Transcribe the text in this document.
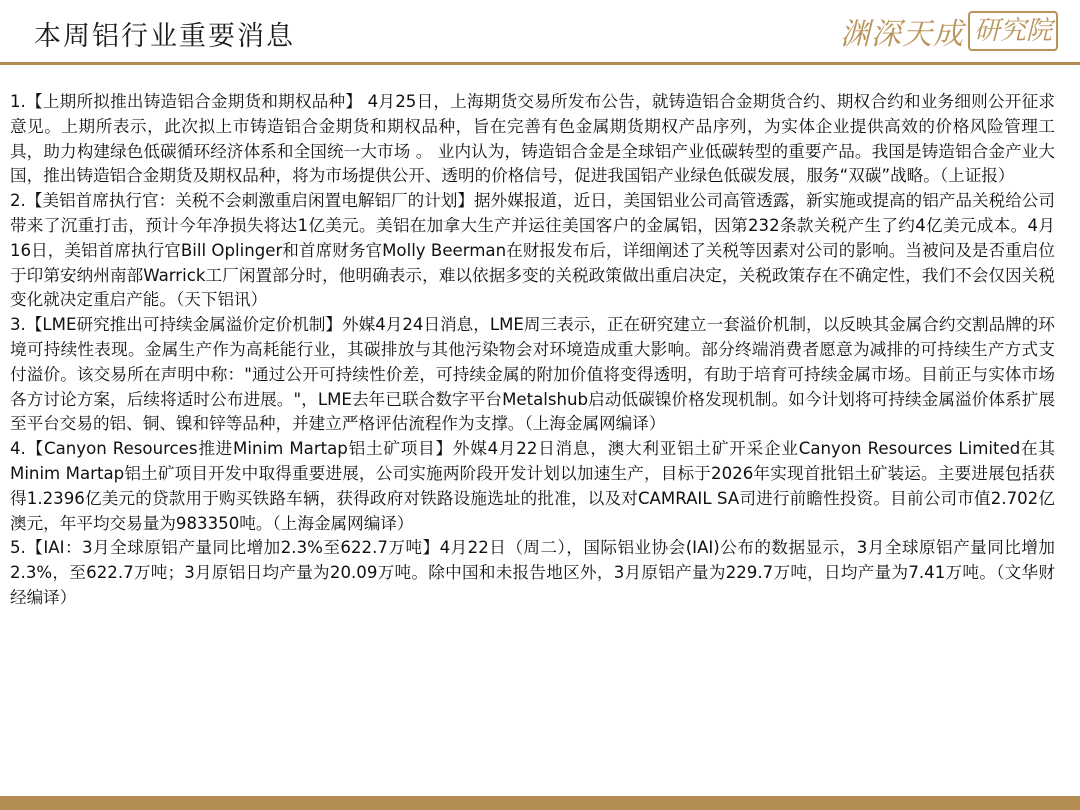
本周铝行业重要消息	渊深天成 研究院

1.【上期所拟推出铸造铝合金期货和期权品种】 4月25日，上海期货交易所发布公告，就铸造铝合金期货合约、期权合约和业务细则公开征求意见。上期所表示，此次拟上市铸造铝合金期货和期权品种，旨在完善有色金属期货期权产品序列，为实体企业提供高效的价格风险管理工具，助力构建绿色低碳循环经济体系和全国统一大市场 。 业内认为，铸造铝合金是全球铝产业低碳转型的重要产品。我国是铸造铝合金产业大国，推出铸造铝合金期货及期权品种，将为市场提供公开、透明的价格信号，促进我国铝产业绿色低碳发展，服务“双碳”战略。（上证报）

2.【美铝首席执行官：关税不会刺激重启闲置电解铝厂的计划】据外媒报道，近日，美国铝业公司高管透露，新实施或提高的铝产品关税给公司带来了沉重打击，预计今年净损失将达1亿美元。美铝在加拿大生产并运往美国客户的金属铝，因第232条款关税产生了约4亿美元成本。4月16日，美铝首席执行官Bill Oplinger和首席财务官Molly Beerman在财报发布后，详细阐述了关税等因素对公司的影响。当被问及是否重启位于印第安纳州南部Warrick工厂闲置部分时，他明确表示，难以依据多变的关税政策做出重启决定，关税政策存在不确定性，我们不会仅因关税变化就决定重启产能。（天下铝讯）

3.【LME研究推出可持续金属溢价定价机制】外媒4月24日消息，LME周三表示，正在研究建立一套溢价机制，以反映其金属合约交割品牌的环境可持续性表现。金属生产作为高耗能行业，其碳排放与其他污染物会对环境造成重大影响。部分终端消费者愿意为减排的可持续生产方式支付溢价。该交易所在声明中称："通过公开可持续性价差，可持续金属的附加价值将变得透明，有助于培育可持续金属市场。目前正与实体市场各方讨论方案，后续将适时公布进展。"，LME去年已联合数字平台Metalshub启动低碳镍价格发现机制。如今计划将可持续金属溢价体系扩展至平台交易的铝、铜、镍和锌等品种，并建立严格评估流程作为支撑。（上海金属网编译）

4.【Canyon Resources推进Minim Martap铝土矿项目】外媒4月22日消息，澳大利亚铝土矿开采企业Canyon Resources Limited在其Minim Martap铝土矿项目开发中取得重要进展，公司实施两阶段开发计划以加速生产，目标于2026年实现首批铝土矿装运。主要进展包括获得1.2396亿美元的贷款用于购买铁路车辆，获得政府对铁路设施选址的批准，以及对CAMRAIL SA司进行前瞻性投资。目前公司市值2.702亿澳元，年平均交易量为983350吨。（上海金属网编译）

5.【IAI：3月全球原铝产量同比增加2.3%至622.7万吨】4月22日（周二），国际铝业协会(IAI)公布的数据显示，3月全球原铝产量同比增加2.3%，至622.7万吨；3月原铝日均产量为20.09万吨。除中国和未报告地区外，3月原铝产量为229.7万吨，日均产量为7.41万吨。（文华财经编译）
